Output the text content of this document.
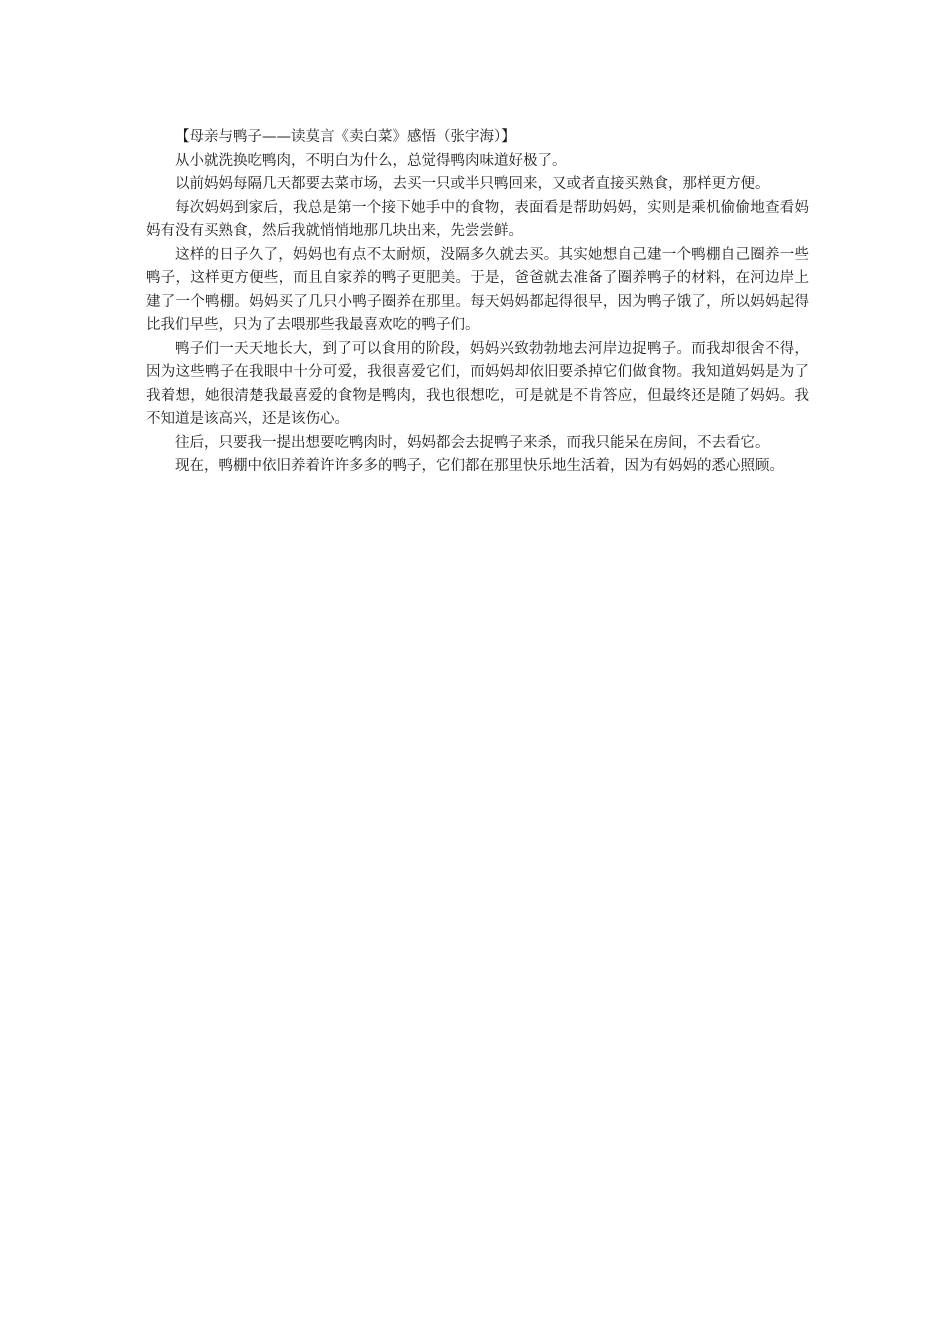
【母亲与鸭子——读莫言《卖白菜》感悟（张宇海）】

从小就洗换吃鸭肉，不明白为什么，总觉得鸭肉味道好极了。

以前妈妈每隔几天都要去菜市场，去买一只或半只鸭回来，又或者直接买熟食，那样更方便。

每次妈妈到家后，我总是第一个接下她手中的食物，表面看是帮助妈妈，实则是乘机偷偷地查看妈妈有没有买熟食，然后我就悄悄地那几块出来，先尝尝鲜。

这样的日子久了，妈妈也有点不太耐烦，没隔多久就去买。其实她想自己建一个鸭棚自己圈养一些鸭子，这样更方便些，而且自家养的鸭子更肥美。于是，爸爸就去准备了圈养鸭子的材料，在河边岸上建了一个鸭棚。妈妈买了几只小鸭子圈养在那里。每天妈妈都起得很早，因为鸭子饿了，所以妈妈起得比我们早些，只为了去喂那些我最喜欢吃的鸭子们。

鸭子们一天天地长大，到了可以食用的阶段，妈妈兴致勃勃地去河岸边捉鸭子。而我却很舍不得，因为这些鸭子在我眼中十分可爱，我很喜爱它们，而妈妈却依旧要杀掉它们做食物。我知道妈妈是为了我着想，她很清楚我最喜爱的食物是鸭肉，我也很想吃，可是就是不肯答应，但最终还是随了妈妈。我不知道是该高兴，还是该伤心。

往后，只要我一提出想要吃鸭肉时，妈妈都会去捉鸭子来杀，而我只能呆在房间，不去看它。

现在，鸭棚中依旧养着许许多多的鸭子，它们都在那里快乐地生活着，因为有妈妈的悉心照顾。
